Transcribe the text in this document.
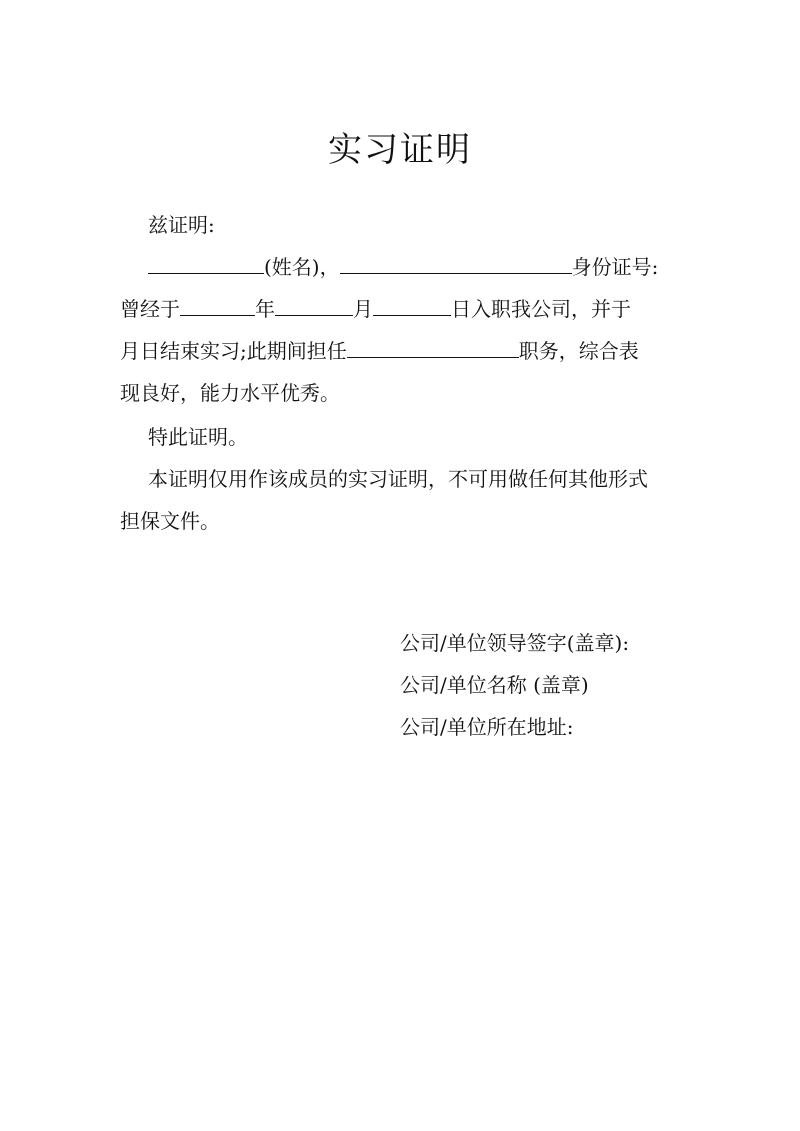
实习证明
兹证明:
(姓名)，	身份证号:
曾经于	年	月	日入职我公司，并于
月日结束实习;此期间担任	职务，综合表
现良好，能力水平优秀。
特此证明。
本证明仅用作该成员的实习证明，不可用做任何其他形式
担保文件。
公司/单位领导签字(盖章):
公司/单位名称 (盖章)
公司/单位所在地址:
